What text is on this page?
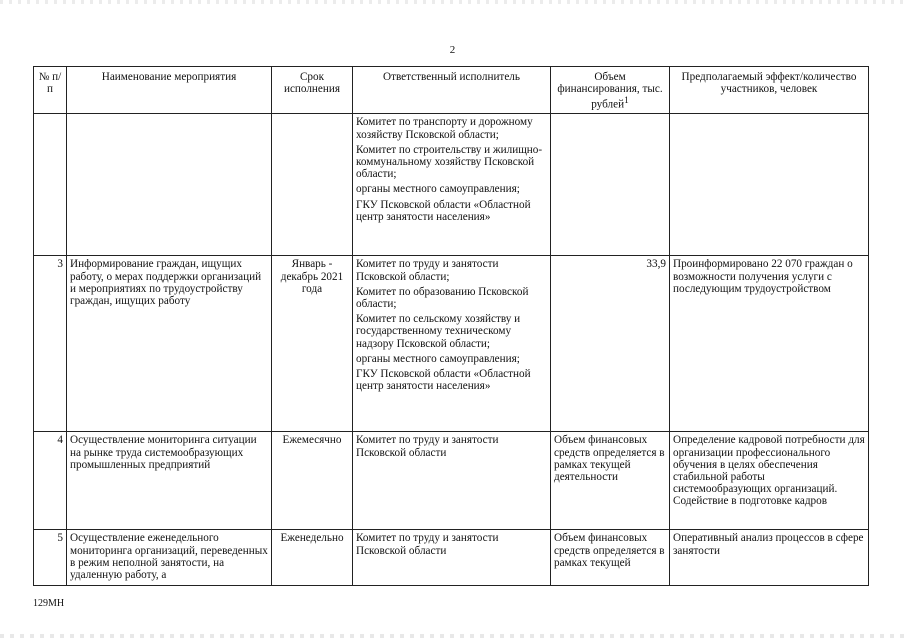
2
№ п/п	Наименование мероприятия	Срок исполнения	Ответственный исполнитель	Объем финансирования, тыс. рублей$^1$	Предполагаемый эффект/количество участников, человек

			Комитет по транспорту и дорожному хозяйству Псковской области;
Комитет по строительству и жилищно-коммунальному хозяйству Псковской области;
органы местного самоуправления;
ГКУ Псковской области «Областной центр занятости населения»		

3	Информирование граждан, ищущих работу, о мерах поддержки организаций и мероприятиях по трудоустройству граждан, ищущих работу	Январь - декабрь 2021 года	Комитет по труду и занятости Псковской области;
Комитет по образованию Псковской области;
Комитет по сельскому хозяйству и государственному техническому надзору Псковской области;
органы местного самоуправления;
ГКУ Псковской области «Областной центр занятости населения»	33,9	Проинформировано 22 070 граждан о возможности получения услуги с последующим трудоустройством
4	Осуществление мониторинга ситуации на рынке труда системообразующих промышленных предприятий	Ежемесячно	Комитет по труду и занятости Псковской области	Объем финансовых средств определяется в рамках текущей деятельности	Определение кадровой потребности для организации профессионального обучения в целях обеспечения стабильной работы системообразующих организаций. Содействие в подготовке кадров
5	Осуществление еженедельного мониторинга организаций, переведенных в режим неполной занятости, на удаленную работу, а	Еженедельно	Комитет по труду и занятости Псковской области	Объем финансовых средств определяется в рамках текущей	Оперативный анализ процессов в сфере занятости
129МН
